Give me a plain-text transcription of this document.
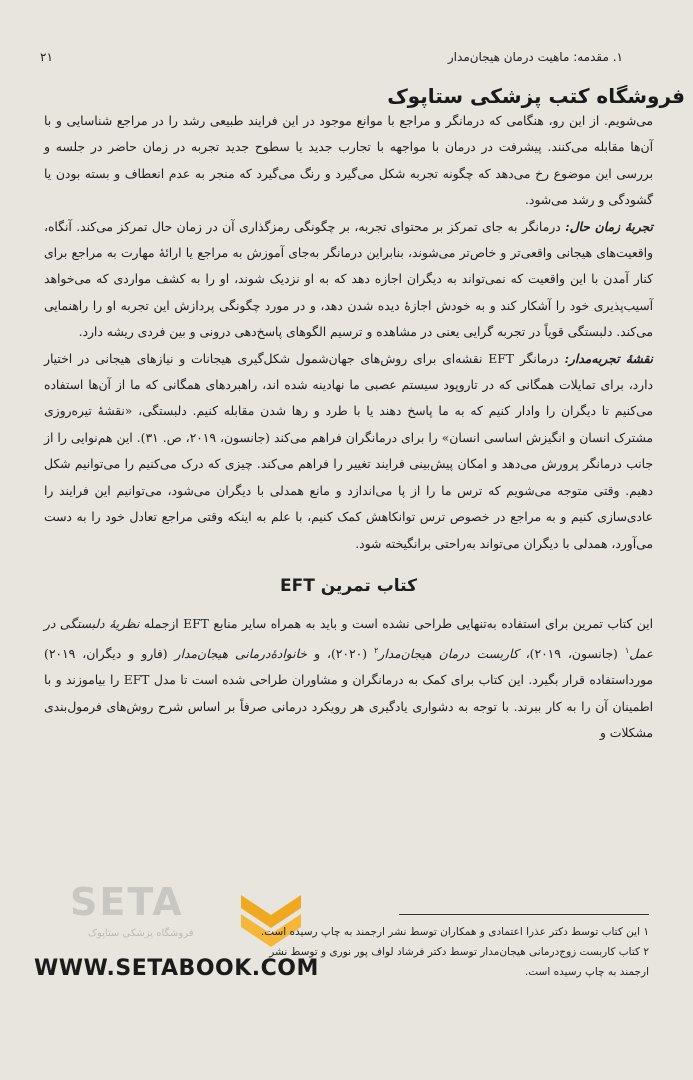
۱. مقدمه: ماهیت درمان هیجان‌مدار
۲۱
فروشگاه کتب پزشکی ستاپوک

می‌شویم. از این رو، هنگامی که درمانگر و مراجع با موانع موجود در این فرایند طبیعی رشد را در مراجع شناسایی و با آن‌ها مقابله می‌کنند. پیشرفت در درمان با مواجهه با تجارب جدید یا سطوح جدید تجربه در زمان حاضر در جلسه و بررسی این موضوع رخ می‌دهد که چگونه تجربه شکل می‌گیرد و رنگ می‌گیرد که منجر به عدم انعطاف و بسته بودن یا گشودگی و رشد می‌شود.

تجربهٔ زمان حال: درمانگر به جای تمرکز بر محتوای تجربه، بر چگونگی رمزگذاری آن در زمان حال تمرکز می‌کند. آنگاه، واقعیت‌های هیجانی واقعی‌تر و خاص‌تر می‌شوند، بنابراین درمانگر به‌جای آموزش به مراجع یا ارائهٔ مهارت به مراجع برای کنار آمدن با این واقعیت که نمی‌تواند به دیگران اجازه دهد که به او نزدیک شوند، او را به کشف مواردی که می‌خواهد آسیب‌پذیری خود را آشکار کند و به خودش اجازهٔ دیده شدن دهد، و در مورد چگونگی پردازش این تجربه او را راهنمایی می‌کند. دلبستگی قویاً در تجربه گرایی یعنی در مشاهده و ترسیم الگوهای پاسخ‌دهی درونی و بین فردی ریشه دارد.

نقشهٔ تجربه‌مدار: درمانگر EFT نقشه‌ای برای روش‌های جهان‌شمول شکل‌گیری هیجانات و نیازهای هیجانی در اختیار دارد، برای تمایلات همگانی که در تاروپود سیستم عصبی ما نهادینه شده اند، راهبردهای همگانی که ما از آن‌ها استفاده می‌کنیم تا دیگران را وادار کنیم که به ما پاسخ دهند یا با طرد و رها شدن مقابله کنیم. دلبستگی، «نقشهٔ تیره‌روزی مشترک انسان و انگیزش اساسی انسان» را برای درمانگران فراهم می‌کند (جانسون، ۲۰۱۹، ص. ۳۱). این هم‌نوایی را از جانب درمانگر پرورش می‌دهد و امکان پیش‌بینی فرایند تغییر را فراهم می‌کند. چیزی که درک می‌کنیم را می‌توانیم شکل دهیم. وقتی متوجه می‌شویم که ترس ما را از پا می‌اندازد و مانع همدلی با دیگران می‌شود، می‌توانیم این فرایند را عادی‌سازی کنیم و به مراجع در خصوص ترس توانکاهش کمک کنیم، با علم به اینکه وقتی مراجع تعادل خود را به دست می‌آورد، همدلی با دیگران می‌تواند به‌راحتی برانگیخته شود.

کتاب تمرین EFT

این کتاب تمرین برای استفاده به‌تنهایی طراحی نشده است و باید به همراه سایر منابع EFT ازجمله نظریهٔ دلبستگی در عمل$^۱$ (جانسون، ۲۰۱۹)، کاربست درمان هیجان‌مدار$^۲$ (۲۰۲۰)، و خانوادهٔ‌درمانی هیجان‌مدار (فارو و دیگران، ۲۰۱۹) مورداستفاده قرار بگیرد. این کتاب برای کمک به درمانگران و مشاوران طراحی شده است تا مدل EFT را بیاموزند و با اطمینان آن را به کار ببرند. با توجه به دشواری یادگیری هر رویکرد درمانی صرفاً بر اساس شرح روش‌های فرمول‌بندی مشکلات و

SETA
فروشگاه پزشکی ستاپوک	۱ این کتاب توسط دکتر عذرا اعتمادی و همکاران توسط نشر ارجمند به چاپ رسیده است.
۲ کتاب کاربست زوج‌درمانی هیجان‌مدار توسط دکتر فرشاد لواف پور نوری و توسط نشر ارجمند به چاپ رسیده است.
WWW.SETABOOK.COM
